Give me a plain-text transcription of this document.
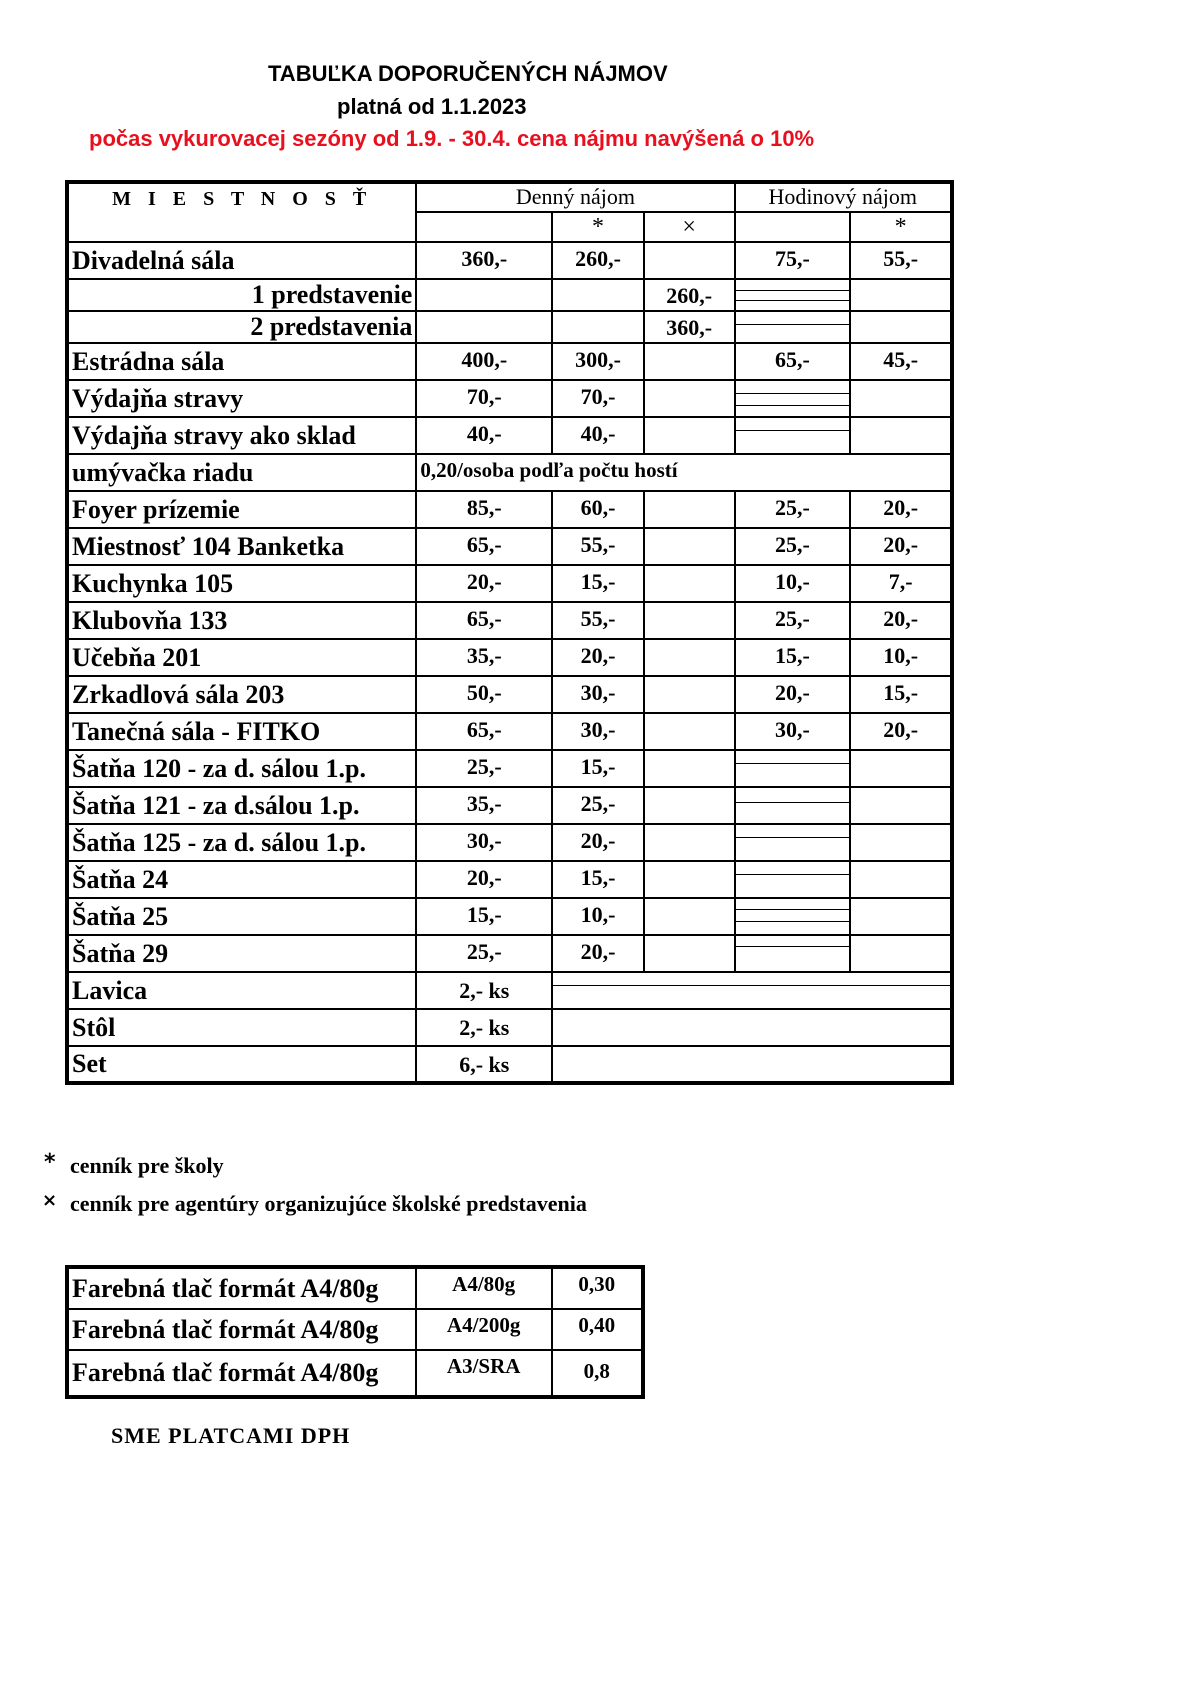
TABUĽKA DOPORUČENÝCH NÁJMOV
platná od 1.1.2023
počas vykurovacej sezóny od 1.9. - 30.4. cena nájmu navýšená o 10%
M I E S T N O S Ť	Denný nájom			Hodinový nájom	
		*	×		*
Divadelná sála	360,-	260,-		75,-	55,-
1 predstavenie			260,-	

2 predstavenia			360,-	

Estrádna sála	400,-	300,-		65,-	45,-
Výdajňa stravy	70,-	70,-		

Výdajňa stravy ako sklad	40,-	40,-		

umývačka riadu	0,20/osoba podľa počtu hostí				
Foyer prízemie	85,-	60,-		25,-	20,-
Miestnosť 104 Banketka	65,-	55,-		25,-	20,-
Kuchynka 105	20,-	15,-		10,-	7,-
Klubovňa 133	65,-	55,-		25,-	20,-
Učebňa 201	35,-	20,-		15,-	10,-
Zrkadlová sála 203	50,-	30,-		20,-	15,-
Tanečná sála - FITKO	65,-	30,-		30,-	20,-
Šatňa 120 - za d. sálou 1.p.	25,-	15,-		

Šatňa 121 - za d.sálou 1.p.	35,-	25,-		

Šatňa 125 - za d. sálou 1.p.	30,-	20,-		

Šatňa 24	20,-	15,-		

Šatňa 25	15,-	10,-		

Šatňa 29	25,-	20,-		

Lavica	2,- ks				

Stôl	2,- ks				
Set	6,- ks				
* cenník pre školy
× cenník pre agentúry organizujúce školské predstavenia
Farebná tlač formát A4/80g	A4/80g	0,30
Farebná tlač formát A4/80g	A4/200g	0,40
Farebná tlač formát A4/80g	A3/SRA	0,8
SME PLATCAMI DPH
